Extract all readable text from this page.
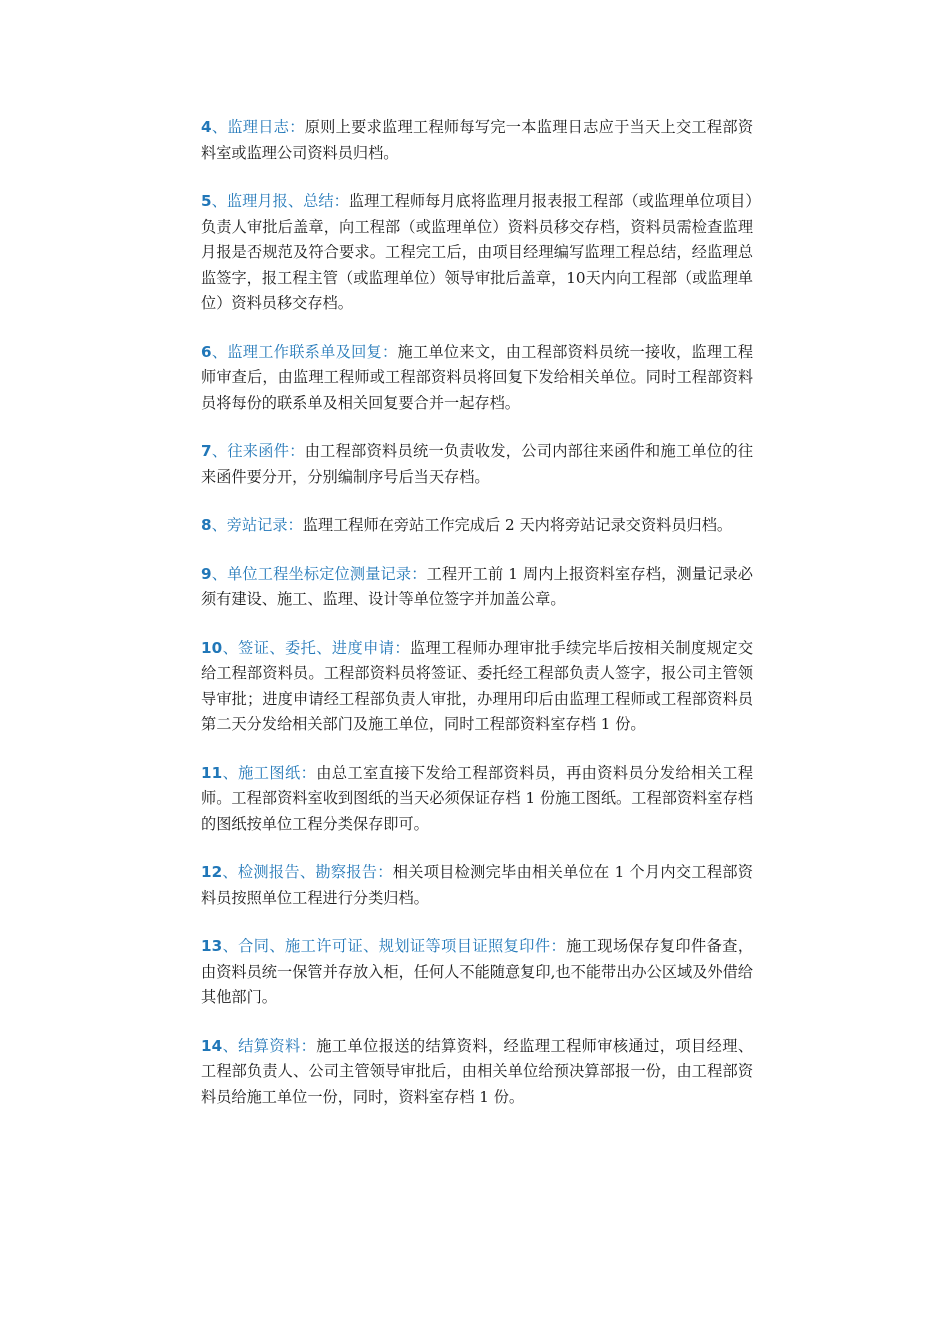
4、监理日志：原则上要求监理工程师每写完一本监理日志应于当天上交工程部资料室或监理公司资料员归档。

5、监理月报、总结：监理工程师每月底将监理月报表报工程部（或监理单位项目）负责人审批后盖章，向工程部（或监理单位）资料员移交存档，资料员需检查监理月报是否规范及符合要求。工程完工后，由项目经理编写监理工程总结，经监理总监签字，报工程主管（或监理单位）领导审批后盖章，10天内向工程部（或监理单位）资料员移交存档。

6、监理工作联系单及回复：施工单位来文，由工程部资料员统一接收，监理工程师审查后，由监理工程师或工程部资料员将回复下发给相关单位。同时工程部资料员将每份的联系单及相关回复要合并一起存档。

7、往来函件：由工程部资料员统一负责收发，公司内部往来函件和施工单位的往来函件要分开，分别编制序号后当天存档。

8、旁站记录：监理工程师在旁站工作完成后 2 天内将旁站记录交资料员归档。

9、单位工程坐标定位测量记录：工程开工前 1 周内上报资料室存档，测量记录必须有建设、施工、监理、设计等单位签字并加盖公章。

10、签证、委托、进度申请：监理工程师办理审批手续完毕后按相关制度规定交给工程部资料员。工程部资料员将签证、委托经工程部负责人签字，报公司主管领导审批；进度申请经工程部负责人审批，办理用印后由监理工程师或工程部资料员第二天分发给相关部门及施工单位，同时工程部资料室存档 1 份。

11、施工图纸：由总工室直接下发给工程部资料员，再由资料员分发给相关工程师。工程部资料室收到图纸的当天必须保证存档 1 份施工图纸。工程部资料室存档的图纸按单位工程分类保存即可。

12、检测报告、勘察报告：相关项目检测完毕由相关单位在 1 个月内交工程部资料员按照单位工程进行分类归档。

13、合同、施工许可证、规划证等项目证照复印件：施工现场保存复印件备查，由资料员统一保管并存放入柜，任何人不能随意复印,也不能带出办公区域及外借给其他部门。

14、结算资料：施工单位报送的结算资料，经监理工程师审核通过，项目经理、工程部负责人、公司主管领导审批后，由相关单位给预决算部报一份，由工程部资料员给施工单位一份，同时，资料室存档 1 份。
